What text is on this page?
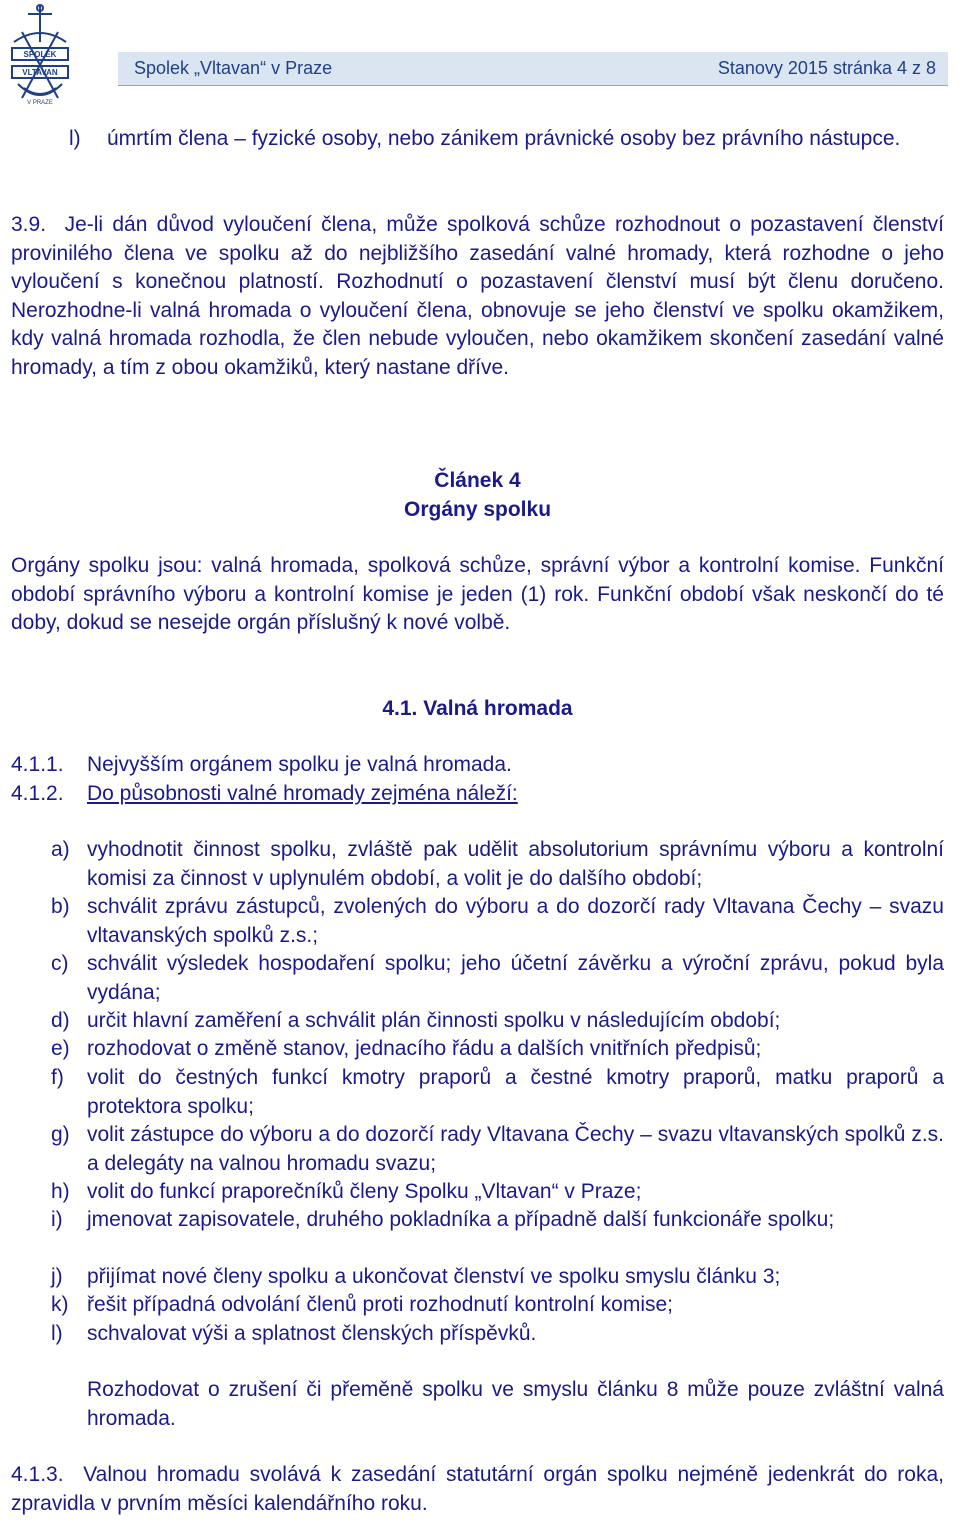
SPOLEK
VLTAVAN
V PRAZE
Spolek „Vltavan“ v Praze	Stanovy 2015 stránka 4 z 8
l) úmrtím člena – fyzické osoby, nebo zánikem právnické osoby bez právního nástupce.
3.9. Je-li dán důvod vyloučení člena, může spolková schůze rozhodnout o pozastavení členství provinilého člena ve spolku až do nejbližšího zasedání valné hromady, která rozhodne o jeho vyloučení s konečnou platností. Rozhodnutí o pozastavení členství musí být členu doručeno. Nerozhodne-li valná hromada o vyloučení člena, obnovuje se jeho členství ve spolku okamžikem, kdy valná hromada rozhodla, že člen nebude vyloučen, nebo okamžikem skončení zasedání valné hromady, a tím z obou okamžiků, který nastane dříve.
Článek 4
Orgány spolku
Orgány spolku jsou: valná hromada, spolková schůze, správní výbor a kontrolní komise. Funkční období správního výboru a kontrolní komise je jeden (1) rok. Funkční období však neskončí do té doby, dokud se nesejde orgán příslušný k nové volbě.
4.1. Valná hromada
4.1.1. Nejvyšším orgánem spolku je valná hromada.
4.1.2. Do působnosti valné hromady zejména náleží:
a) vyhodnotit činnost spolku, zvláště pak udělit absolutorium správnímu výboru a kontrolní komisi za činnost v uplynulém období, a volit je do dalšího období;
b) schválit zprávu zástupců, zvolených do výboru a do dozorčí rady Vltavana Čechy – svazu vltavanských spolků z.s.;
c) schválit výsledek hospodaření spolku; jeho účetní závěrku a výroční zprávu, pokud byla vydána;
d) určit hlavní zaměření a schválit plán činnosti spolku v následujícím období;
e) rozhodovat o změně stanov, jednacího řádu a dalších vnitřních předpisů;
f) volit do čestných funkcí kmotry praporů a čestné kmotry praporů, matku praporů a protektora spolku;
g) volit zástupce do výboru a do dozorčí rady Vltavana Čechy – svazu vltavanských spolků z.s. a delegáty na valnou hromadu svazu;
h) volit do funkcí praporečníků členy Spolku „Vltavan“ v Praze;
i) jmenovat zapisovatele, druhého pokladníka a případně další funkcionáře spolku;
j) přijímat nové členy spolku a ukončovat členství ve spolku smyslu článku 3;
k) řešit případná odvolání členů proti rozhodnutí kontrolní komise;
l) schvalovat výši a splatnost členských příspěvků.
Rozhodovat o zrušení či přeměně spolku ve smyslu článku 8 může pouze zvláštní valná hromada.
4.1.3. Valnou hromadu svolává k zasedání statutární orgán spolku nejméně jedenkrát do roka, zpravidla v prvním měsíci kalendářního roku.
